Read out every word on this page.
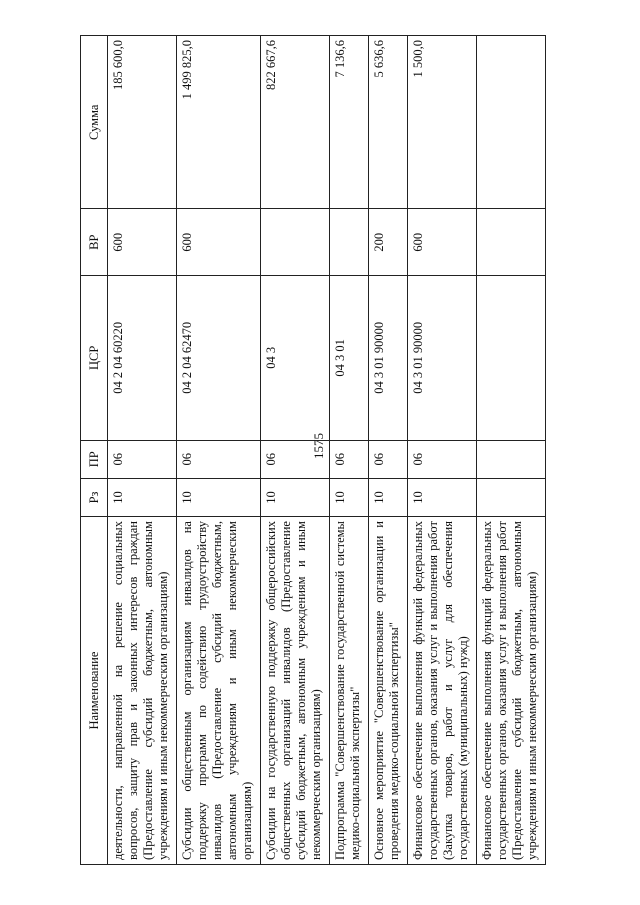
1575
Наименование	Рз	ПР	ЦСР	ВР	Сумма
деятельности, направленной на решение социальных вопросов, защиту прав и законных интересов граждан (Предоставление субсидий бюджетным, автономным учреждениям и иным некоммерческим организациям)	10	06	04 2 04 60220	600	185 600,0
Субсидии общественным организациям инвалидов на поддержку программ по содействию трудоустройству инвалидов (Предоставление субсидий бюджетным, автономным учреждениям и иным некоммерческим организациям)	10	06	04 2 04 62470	600	1 499 825,0
Субсидии на государственную поддержку общероссийских общественных организаций инвалидов (Предоставление субсидий бюджетным, автономным учреждениям и иным некоммерческим организациям)	10	06	04 3		822 667,6
Подпрограмма "Совершенствование государственной системы медико-социальной экспертизы"	10	06	04 3 01		7 136,6
Основное мероприятие "Совершенствование организации и проведения медико-социальной экспертизы"	10	06	04 3 01 90000	200	5 636,6
Финансовое обеспечение выполнения функций федеральных государственных органов, оказания услуг и выполнения работ (Закупка товаров, работ и услуг для обеспечения государственных (муниципальных) нужд)	10	06	04 3 01 90000	600	1 500,0
Финансовое обеспечение выполнения функций федеральных государственных органов, оказания услуг и выполнения работ (Предоставление субсидий бюджетным, автономным учреждениям и иным некоммерческим организациям)					
